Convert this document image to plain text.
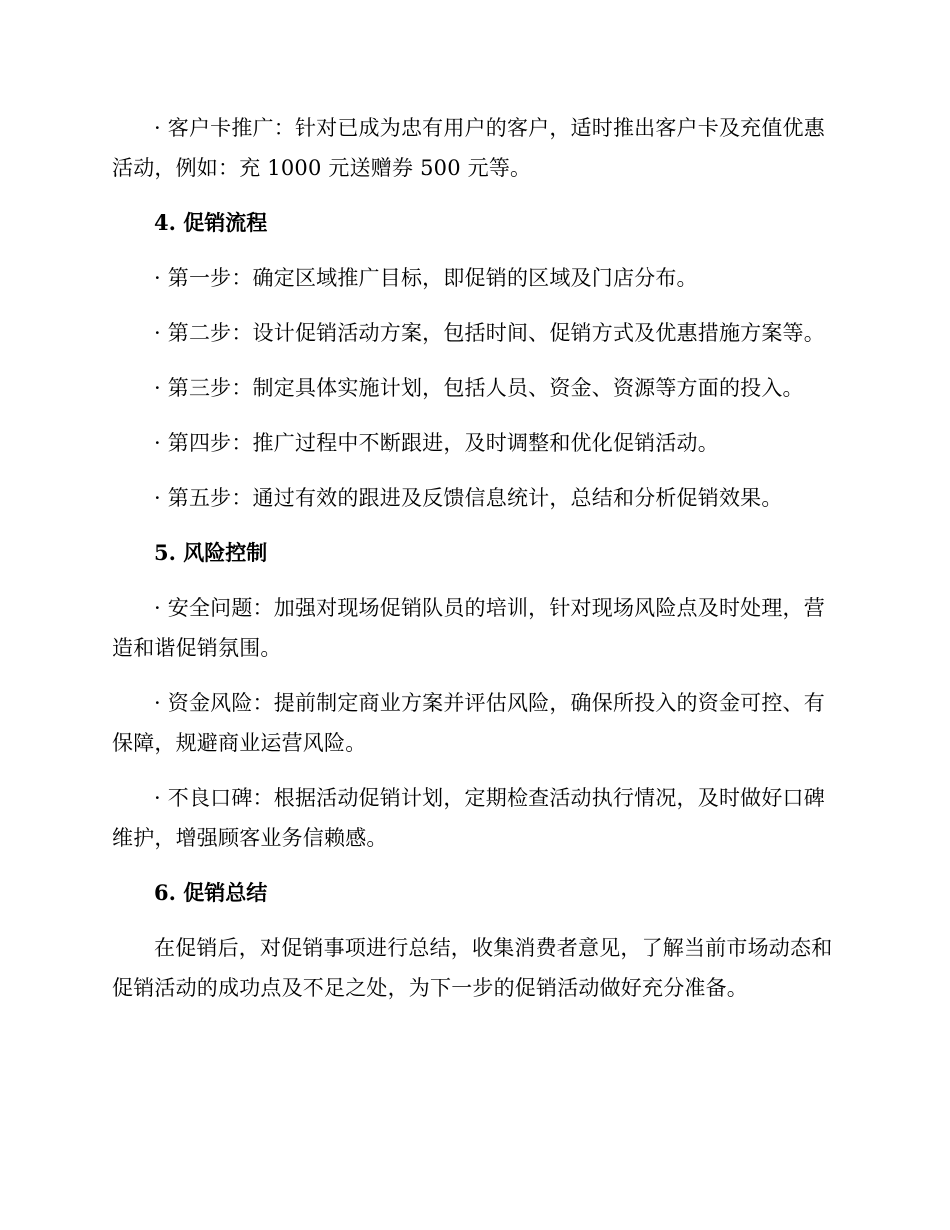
· 客户卡推广：针对已成为忠有用户的客户，适时推出客户卡及充值优惠活动，例如：充 1000 元送赠券 500 元等。

4. 促销流程

· 第一步：确定区域推广目标，即促销的区域及门店分布。

· 第二步：设计促销活动方案，包括时间、促销方式及优惠措施方案等。

· 第三步：制定具体实施计划，包括人员、资金、资源等方面的投入。

· 第四步：推广过程中不断跟进，及时调整和优化促销活动。

· 第五步：通过有效的跟进及反馈信息统计，总结和分析促销效果。

5. 风险控制

· 安全问题：加强对现场促销队员的培训，针对现场风险点及时处理，营造和谐促销氛围。

· 资金风险：提前制定商业方案并评估风险，确保所投入的资金可控、有保障，规避商业运营风险。

· 不良口碑：根据活动促销计划，定期检查活动执行情况，及时做好口碑维护，增强顾客业务信赖感。

6. 促销总结

在促销后，对促销事项进行总结，收集消费者意见，了解当前市场动态和促销活动的成功点及不足之处，为下一步的促销活动做好充分准备。
